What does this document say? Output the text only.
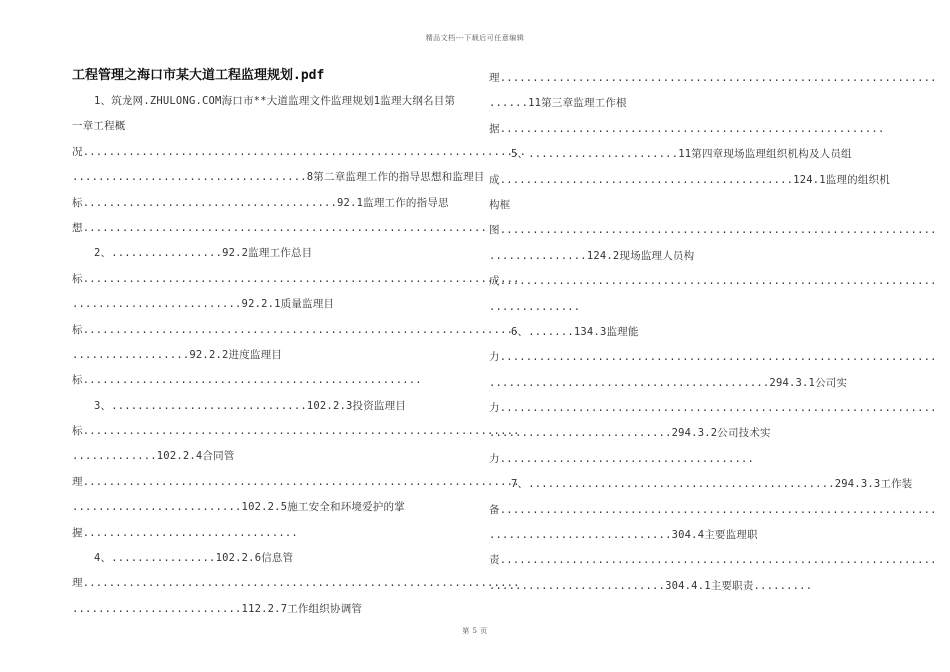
精品文档---下载后可任意编辑
工程管理之海口市某大道工程监理规划.pdf
1、筑龙网.ZHULONG.COM海口市**大道监理文件监理规划1监理大纲名目第
一章工程概
况....................................................................
....................................8第二章监理工作的指导思想和监理目
标.......................................92.1监理工作的指导思
想..............................................................
2、.................92.2监理工作总目
标...................................................................
..........................92.2.1质量监理目
标...................................................................
..................92.2.2进度监理目
标....................................................
3、..............................102.2.3投资监理目
标...................................................................
.............102.2.4合同管
理...................................................................
..........................102.2.5施工安全和环境爱护的掌
握.................................
4、................102.2.6信息管
理...................................................................
..........................112.2.7工作组织协调管
理...................................................................
......11第三章监理工作根
据...........................................................
5、.......................11第四章现场监理组织机构及人员组
成.............................................124.1监理的组织机
构框
图...................................................................
...............124.2现场监理人员构
成...................................................................
..............
6、.......134.3监理能
力...................................................................
...........................................294.3.1公司实
力...................................................................
............................294.3.2公司技术实
力.......................................
7、...............................................294.3.3工作装
备...................................................................
............................304.4主要监理职
责...................................................................
...........................304.4.1主要职责.........
第 5 页
